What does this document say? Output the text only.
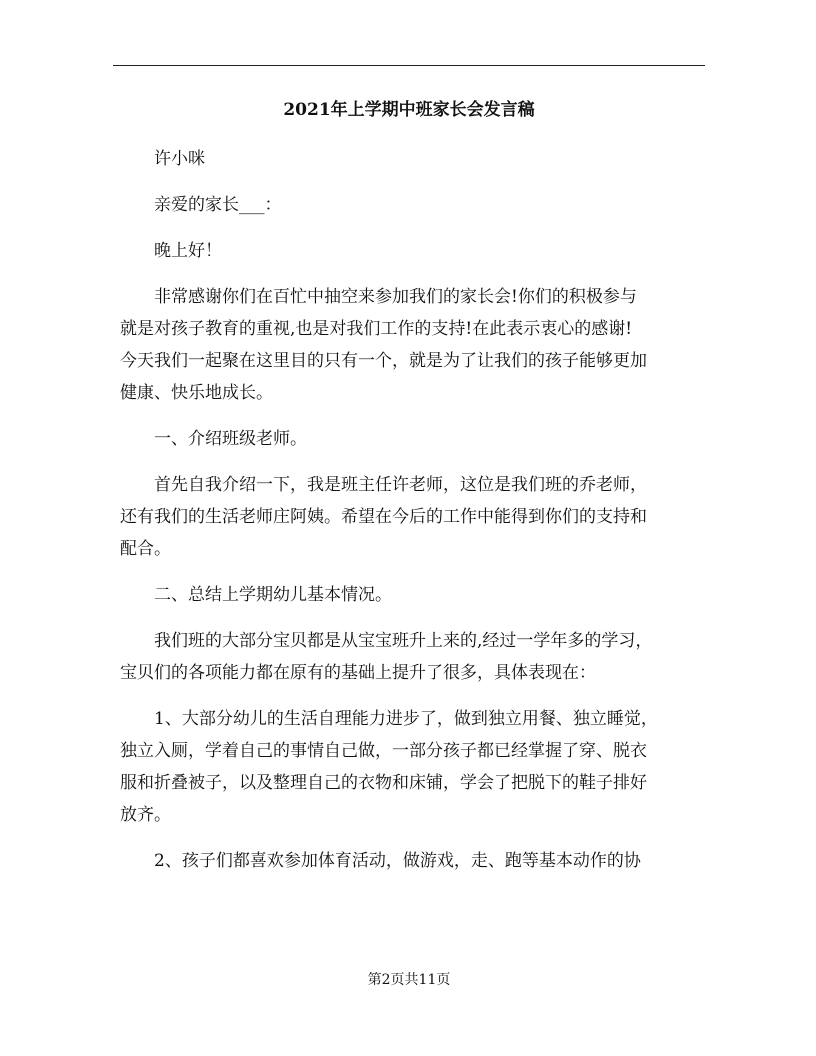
2021年上学期中班家长会发言稿

许小咪

亲爱的家长___：

晚上好！

非常感谢你们在百忙中抽空来参加我们的家长会!你们的积极参与
就是对孩子教育的重视,也是对我们工作的支持!在此表示衷心的感谢!
今天我们一起聚在这里目的只有一个，就是为了让我们的孩子能够更加
健康、快乐地成长。

一、介绍班级老师。

首先自我介绍一下，我是班主任许老师，这位是我们班的乔老师，
还有我们的生活老师庄阿姨。希望在今后的工作中能得到你们的支持和
配合。

二、总结上学期幼儿基本情况。

我们班的大部分宝贝都是从宝宝班升上来的,经过一学年多的学习，
宝贝们的各项能力都在原有的基础上提升了很多，具体表现在：

1、大部分幼儿的生活自理能力进步了，做到独立用餐、独立睡觉，
独立入厕，学着自己的事情自己做，一部分孩子都已经掌握了穿、脱衣
服和折叠被子，以及整理自己的衣物和床铺，学会了把脱下的鞋子排好
放齐。

2、孩子们都喜欢参加体育活动，做游戏，走、跑等基本动作的协

第2页共11页
